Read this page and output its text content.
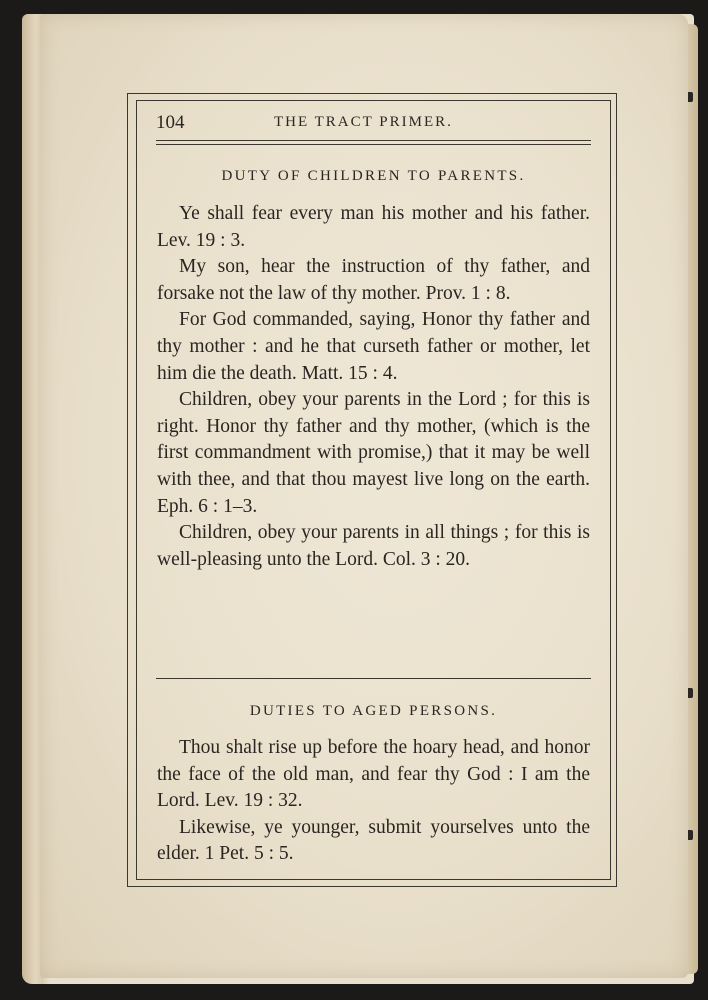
104	THE TRACT PRIMER.
DUTY OF CHILDREN TO PARENTS.

Ye shall fear every man his mother and his father. Lev. 19 : 3.

My son, hear the instruction of thy father, and forsake not the law of thy mother. Prov. 1 : 8.

For God commanded, saying, Honor thy father and thy mother : and he that curseth father or mother, let him die the death. Matt. 15 : 4.

Children, obey your parents in the Lord ; for this is right. Honor thy father and thy mother, (which is the first commandment with promise,) that it may be well with thee, and that thou mayest live long on the earth. Eph. 6 : 1–3.

Children, obey your parents in all things ; for this is well-pleasing unto the Lord. Col. 3 : 20.

DUTIES TO AGED PERSONS.

Thou shalt rise up before the hoary head, and honor the face of the old man, and fear thy God : I am the Lord. Lev. 19 : 32.

Likewise, ye younger, submit yourselves unto the elder. 1 Pet. 5 : 5.
